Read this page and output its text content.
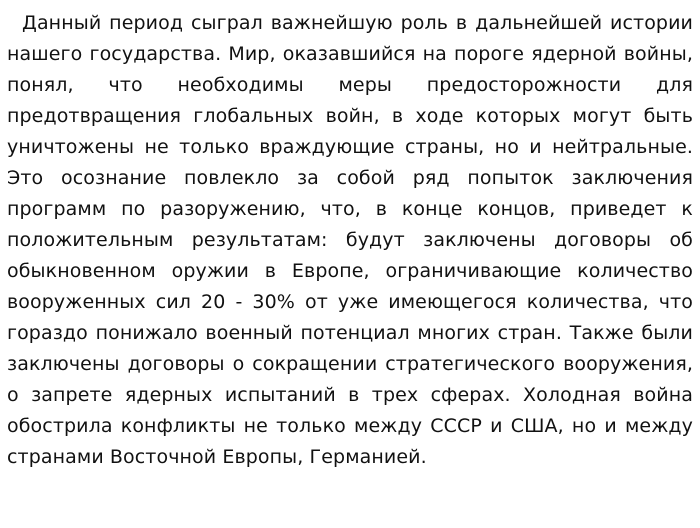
Данный период сыграл важнейшую роль в дальнейшей истории нашего государства. Мир, оказавшийся на пороге ядерной войны, понял, что необходимы меры предосторожности для предотвращения глобальных войн, в ходе которых могут быть уничтожены не только враждующие страны, но и нейтральные. Это осознание повлекло за собой ряд попыток заключения программ по разоружению, что, в конце концов, приведет к положительным результатам: будут заключены договоры об обыкновенном оружии в Европе, ограничивающие количество вооруженных сил 20 - 30% от уже имеющегося количества, что гораздо понижало военный потенциал многих стран. Также были заключены договоры о сокращении стратегического вооружения, о запрете ядерных испытаний в трех сферах. Холодная война обострила конфликты не только между СССР и США, но и между странами Восточной Европы, Германией.
